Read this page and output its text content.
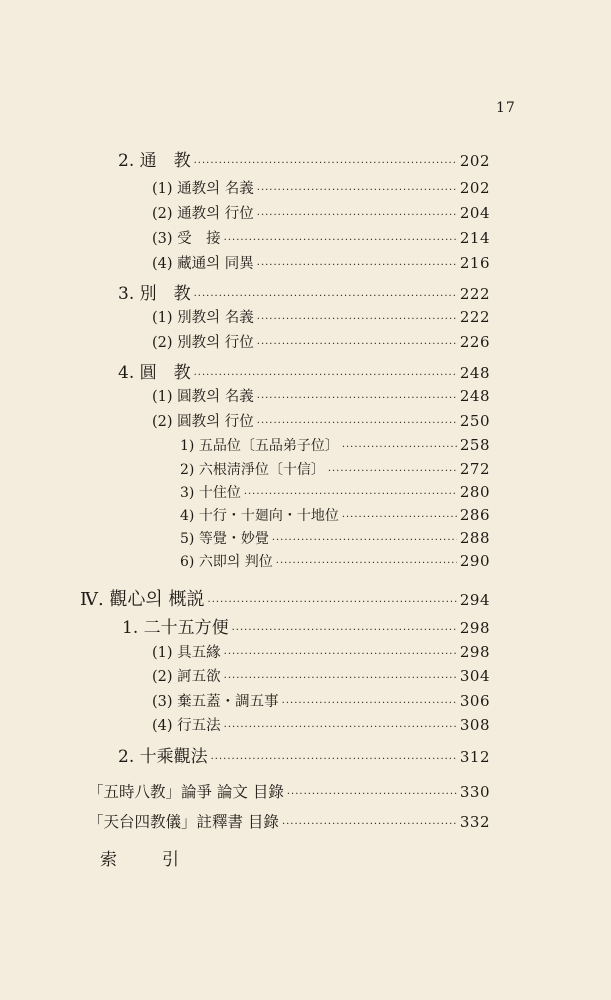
17
2. 通　教 ·····	202
(1) 通教의 名義 ·····	202
(2) 通教의 行位 ·····	204
(3) 受　接 ·····	214
(4) 藏通의 同異 ·····	216
3. 別　教 ·····	222
(1) 別教의 名義 ·····	222
(2) 別教의 行位 ·····	226
4. 圓　教 ·····	248
(1) 圓教의 名義 ·····	248
(2) 圓教의 行位 ·····	250
1) 五品位〔五品弟子位〕 ·····	258
2) 六根淸淨位〔十信〕 ·····	272
3) 十住位 ·····	280
4) 十行・十廻向・十地位 ·····	286
5) 等覺・妙覺 ·····	288
6) 六即의 判位 ·····	290
Ⅳ. 觀心의 概説 ·····	294
1. 二十五方便 ·····	298
(1) 具五緣 ·····	298
(2) 訶五欲 ·····	304
(3) 棄五蓋・調五事 ·····	306
(4) 行五法 ·····	308
2. 十乘觀法 ·····	312
「五時八教」論爭 論文 目錄 ·····	330
「天台四教儀」註釋書 目錄 ·····	332
索　引
